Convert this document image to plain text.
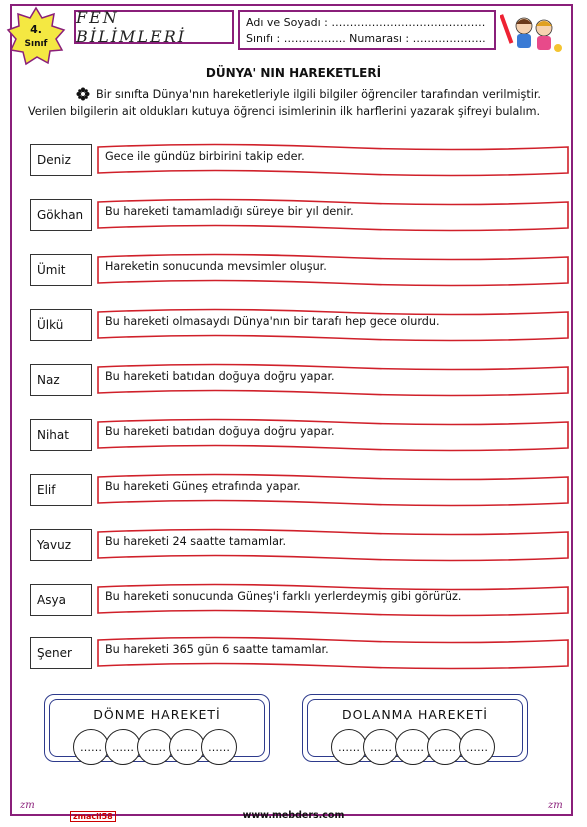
4.
Sınıf
FEN BİLİMLERİ
Adı ve Soyadı : ……………………………………
Sınıfı : …………….. Numarası : ………………..
DÜNYA' NIN HAREKETLERİ
Bir sınıfta Dünya'nın hareketleriyle ilgili bilgiler öğrenciler tarafından verilmiştir.
Verilen bilgilerin ait oldukları kutuya öğrenci isimlerinin ilk harflerini yazarak şifreyi bulalım.
Deniz	Gece ile gündüz birbirini takip eder.
Gökhan	Bu hareketi tamamladığı süreye bir yıl denir.
Ümit	Hareketin sonucunda mevsimler oluşur.
Ülkü	Bu hareketi olmasaydı Dünya'nın bir tarafı hep gece olurdu.
Naz	Bu hareketi batıdan doğuya doğru yapar.
Nihat	Bu hareketi batıdan doğuya doğru yapar.
Elif	Bu hareketi Güneş etrafında yapar.
Yavuz	Bu hareketi 24 saatte tamamlar.
Asya	Bu hareketi sonucunda Güneş'i farklı yerlerdeymiş gibi görürüz.
Şener	Bu hareketi 365 gün 6 saatte tamamlar.
DÖNME HAREKETİ
…… …… …… …… ……
DOLANMA HAREKETİ
…… …… …… …… ……
zm	zm
zmacil58	www.mebders.com
